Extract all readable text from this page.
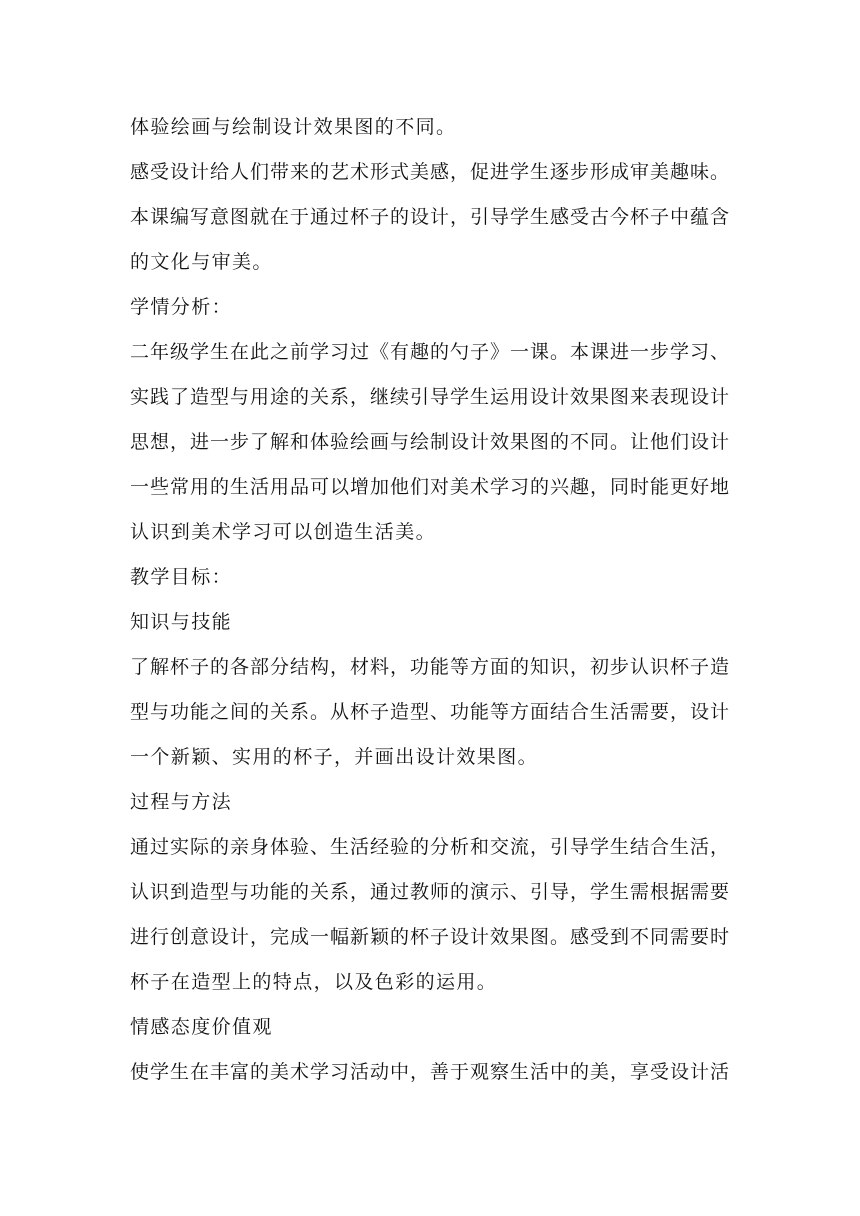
体验绘画与绘制设计效果图的不同。
感受设计给人们带来的艺术形式美感，促进学生逐步形成审美趣味。
本课编写意图就在于通过杯子的设计，引导学生感受古今杯子中蕴含
的文化与审美。
学情分析：
二年级学生在此之前学习过《有趣的勺子》一课。本课进一步学习、
实践了造型与用途的关系，继续引导学生运用设计效果图来表现设计
思想，进一步了解和体验绘画与绘制设计效果图的不同。让他们设计
一些常用的生活用品可以增加他们对美术学习的兴趣，同时能更好地
认识到美术学习可以创造生活美。
教学目标：
知识与技能
了解杯子的各部分结构，材料，功能等方面的知识，初步认识杯子造
型与功能之间的关系。从杯子造型、功能等方面结合生活需要，设计
一个新颖、实用的杯子，并画出设计效果图。
过程与方法
通过实际的亲身体验、生活经验的分析和交流，引导学生结合生活，
认识到造型与功能的关系，通过教师的演示、引导，学生需根据需要
进行创意设计，完成一幅新颖的杯子设计效果图。感受到不同需要时
杯子在造型上的特点，以及色彩的运用。
情感态度价值观
使学生在丰富的美术学习活动中，善于观察生活中的美，享受设计活
